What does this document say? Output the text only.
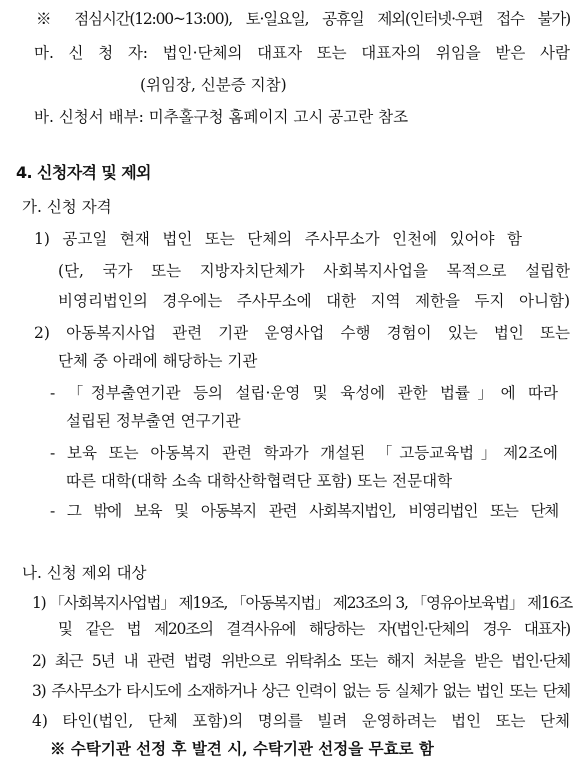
※ 점심시간(12:00~13:00), 토·일요일, 공휴일 제외(인터넷·우편 접수 불가)
마. 신 청 자: 법인·단체의 대표자 또는 대표자의 위임을 받은 사람
(위임장, 신분증 지참)
바. 신청서 배부: 미추홀구청 홈페이지 고시 공고란 참조
4. 신청자격 및 제외
가. 신청 자격
1) 공고일 현재 법인 또는 단체의 주사무소가 인천에 있어야 함
(단, 국가 또는 지방자치단체가 사회복지사업을 목적으로 설립한
비영리법인의 경우에는 주사무소에 대한 지역 제한을 두지 아니함)
2) 아동복지사업 관련 기관 운영사업 수행 경험이 있는 법인 또는
단체 중 아래에 해당하는 기관
- 「정부출연기관 등의 설립·운영 및 육성에 관한 법률」에 따라
설립된 정부출연 연구기관
- 보육 또는 아동복지 관련 학과가 개설된 「고등교육법」제2조에
따른 대학(대학 소속 대학산학협력단 포함) 또는 전문대학
- 그 밖에 보육 및 아동복지 관련 사회복지법인, 비영리법인 또는 단체
나. 신청 제외 대상
1) 「사회복지사업법」 제19조, 「아동복지법」 제23조의 3, 「영유아보육법」 제16조
및 같은 법 제20조의 결격사유에 해당하는 자(법인·단체의 경우 대표자)
2) 최근 5년 내 관련 법령 위반으로 위탁취소 또는 해지 처분을 받은 법인·단체
3) 주사무소가 타시도에 소재하거나 상근 인력이 없는 등 실체가 없는 법인 또는 단체
4) 타인(법인, 단체 포함)의 명의를 빌려 운영하려는 법인 또는 단체
※ 수탁기관 선정 후 발견 시, 수탁기관 선정을 무효로 함
